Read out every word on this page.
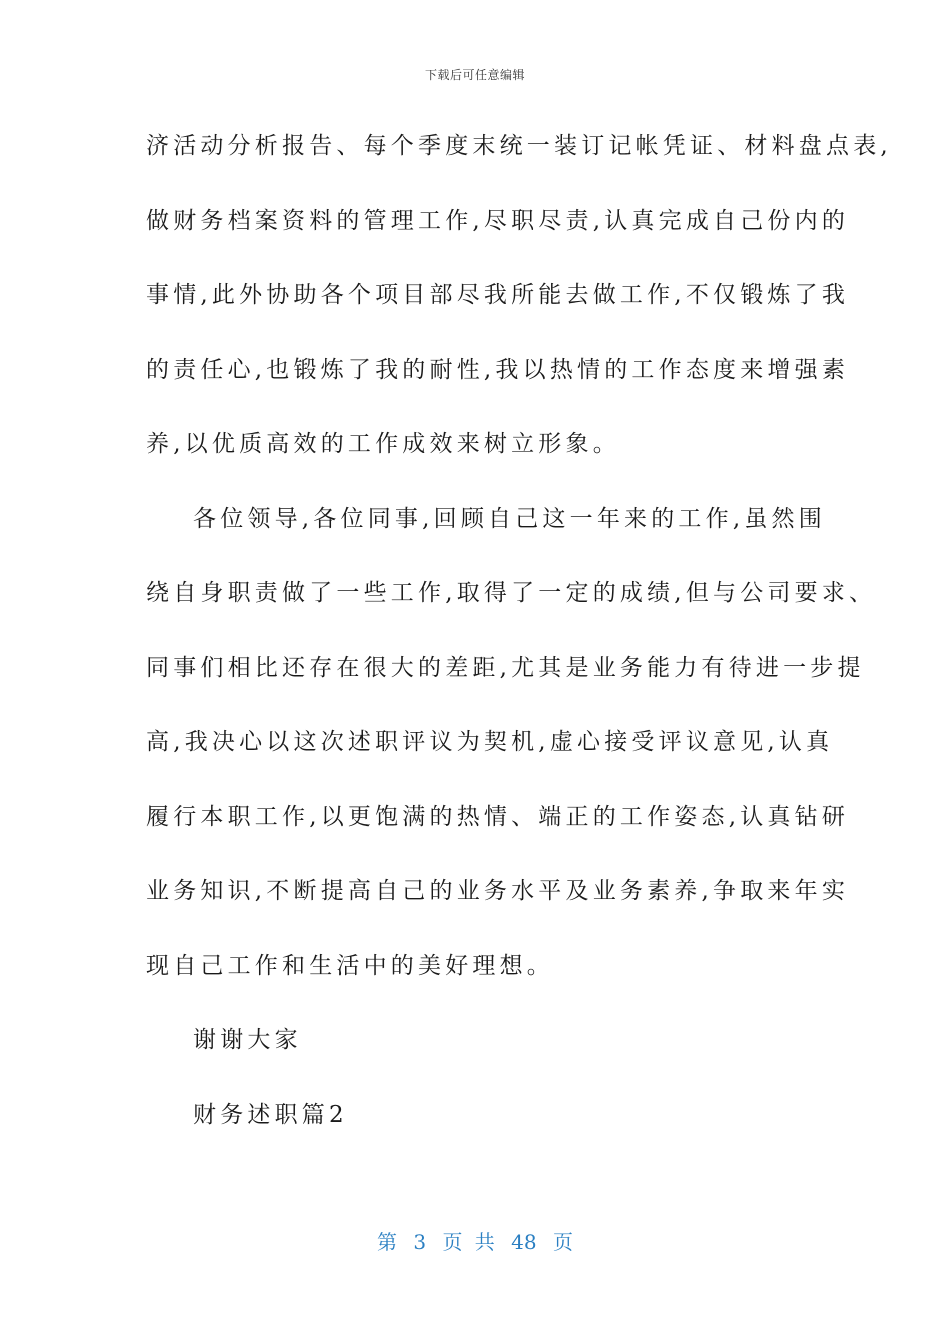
下载后可任意编辑
济活动分析报告、每个季度末统一装订记帐凭证、材料盘点表,
做财务档案资料的管理工作,尽职尽责,认真完成自己份内的
事情,此外协助各个项目部尽我所能去做工作,不仅锻炼了我
的责任心,也锻炼了我的耐性,我以热情的工作态度来增强素
养,以优质高效的工作成效来树立形象。
各位领导,各位同事,回顾自己这一年来的工作,虽然围
绕自身职责做了一些工作,取得了一定的成绩,但与公司要求、
同事们相比还存在很大的差距,尤其是业务能力有待进一步提
高,我决心以这次述职评议为契机,虚心接受评议意见,认真
履行本职工作,以更饱满的热情、端正的工作姿态,认真钻研
业务知识,不断提高自己的业务水平及业务素养,争取来年实
现自己工作和生活中的美好理想。
谢谢大家
财务述职篇2
第 3 页 共 48 页
